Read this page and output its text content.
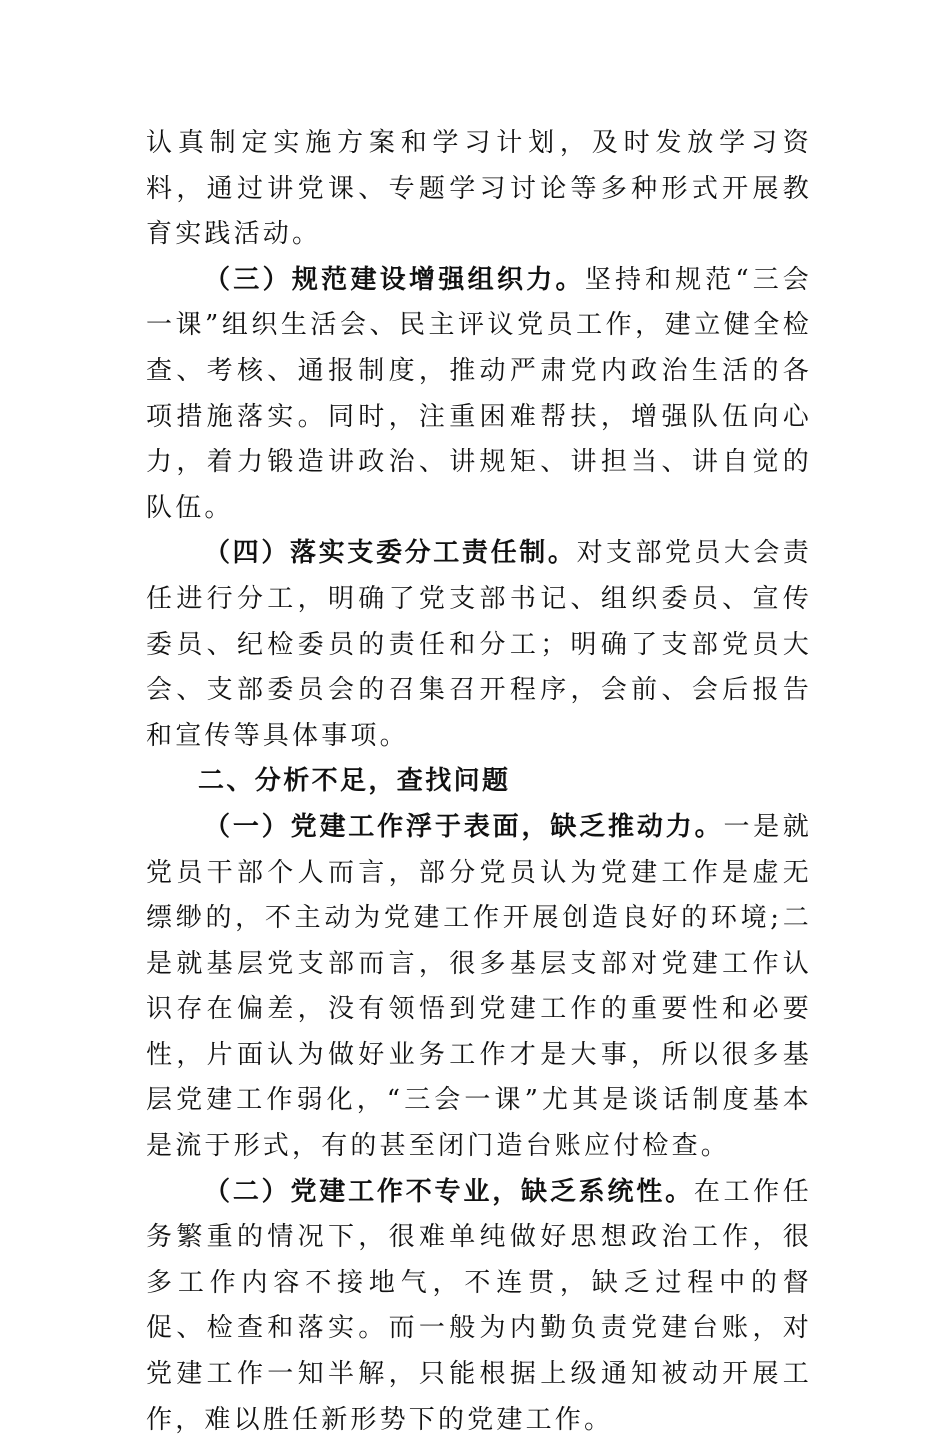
认真制定实施方案和学习计划，及时发放学习资料，通过讲党课、专题学习讨论等多种形式开展教育实践活动。

（三）规范建设增强组织力。坚持和规范“三会一课”组织生活会、民主评议党员工作，建立健全检查、考核、通报制度，推动严肃党内政治生活的各项措施落实。同时，注重困难帮扶，增强队伍向心力，着力锻造讲政治、讲规矩、讲担当、讲自觉的队伍。

（四）落实支委分工责任制。对支部党员大会责任进行分工，明确了党支部书记、组织委员、宣传委员、纪检委员的责任和分工；明确了支部党员大会、支部委员会的召集召开程序，会前、会后报告和宣传等具体事项。

二、分析不足，查找问题

（一）党建工作浮于表面，缺乏推动力。一是就党员干部个人而言，部分党员认为党建工作是虚无缥缈的，不主动为党建工作开展创造良好的环境;二是就基层党支部而言，很多基层支部对党建工作认识存在偏差，没有领悟到党建工作的重要性和必要性，片面认为做好业务工作才是大事，所以很多基层党建工作弱化，“三会一课”尤其是谈话制度基本是流于形式，有的甚至闭门造台账应付检查。

（二）党建工作不专业，缺乏系统性。在工作任务繁重的情况下，很难单纯做好思想政治工作，很多工作内容不接地气，不连贯，缺乏过程中的督促、检查和落实。而一般为内勤负责党建台账，对党建工作一知半解，只能根据上级通知被动开展工作，难以胜任新形势下的党建工作。
